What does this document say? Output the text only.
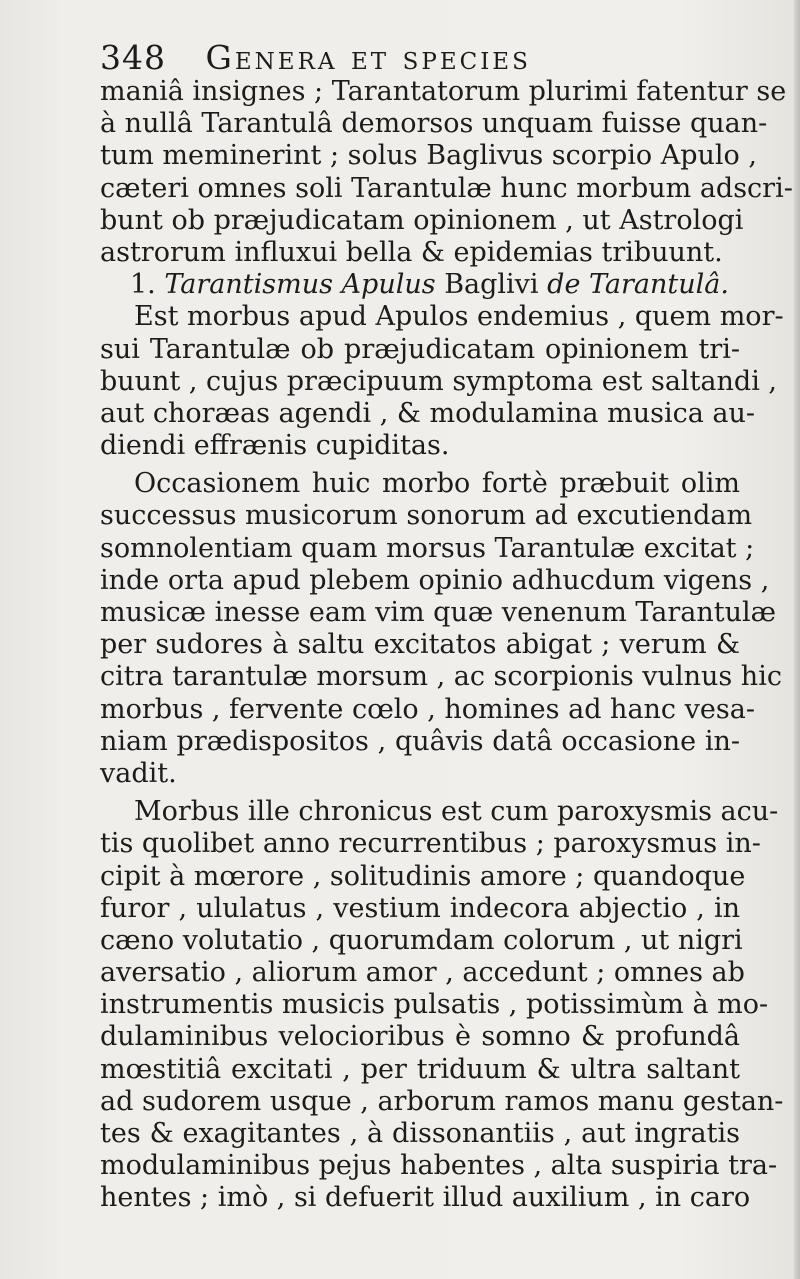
348 Genera et species
maniâ insignes ; Tarantatorum plurimi fatentur se
à nullâ Tarantulâ demorsos unquam fuisse quan-
tum meminerint ; solus Baglivus scorpio Apulo ,
cæteri omnes soli Tarantulæ hunc morbum adscri-
bunt ob præjudicatam opinionem , ut Astrologi
astrorum influxui bella & epidemias tribuunt.
1. Tarantismus Apulus Baglivi de Tarantulâ.
Est morbus apud Apulos endemius , quem mor-
sui Tarantulæ ob præjudicatam opinionem tri-
buunt , cujus præcipuum symptoma est saltandi ,
aut choræas agendi , & modulamina musica au-
diendi effrænis cupiditas.
Occasionem huic morbo fortè præbuit olim
successus musicorum sonorum ad excutiendam
somnolentiam quam morsus Tarantulæ excitat ;
inde orta apud plebem opinio adhucdum vigens ,
musicæ inesse eam vim quæ venenum Tarantulæ
per sudores à saltu excitatos abigat ; verum &
citra tarantulæ morsum , ac scorpionis vulnus hic
morbus , fervente cœlo , homines ad hanc vesa-
niam prædispositos , quâvis datâ occasione in-
vadit.
Morbus ille chronicus est cum paroxysmis acu-
tis quolibet anno recurrentibus ; paroxysmus in-
cipit à mœrore , solitudinis amore ; quandoque
furor , ululatus , vestium indecora abjectio , in
cæno volutatio , quorumdam colorum , ut nigri
aversatio , aliorum amor , accedunt ; omnes ab
instrumentis musicis pulsatis , potissimùm à mo-
dulaminibus velocioribus è somno & profundâ
mœstitiâ excitati , per triduum & ultra saltant
ad sudorem usque , arborum ramos manu gestan-
tes & exagitantes , à dissonantiis , aut ingratis
modulaminibus pejus habentes , alta suspiria tra-
hentes ; imò , si defuerit illud auxilium , in caro
